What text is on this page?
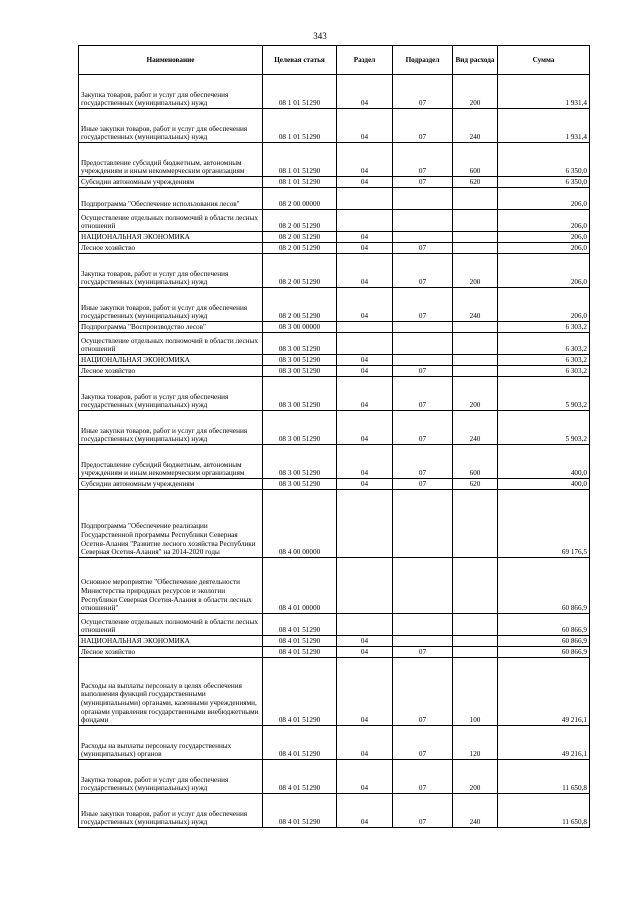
343
Наименование	Целевая статья	Раздел	Подраздел	Вид расхода	Сумма

Закупка товаров, работ и услуг для обеспечения государственных (муниципальных) нужд	08 1 01 51290	04	07	200	1 931,4

Иные закупки товаров, работ и услуг для обеспечения государственных (муниципальных) нужд	08 1 01 51290	04	07	240	1 931,4

Предоставление субсидий бюджетным, автономным учреждениям и иным некоммерческим организациям	08 1 01 51290	04	07	600	6 350,0

Субсидии автономным учреждениям	08 1 01 51290	04	07	620	6 350,0

Подпрограмма "Обеспечение использования лесов"	08 2 00 00000				206,0

Осуществление отдельных полномочий в области лесных отношений	08 2 00 51290				206,0

НАЦИОНАЛЬНАЯ ЭКОНОМИКА	08 2 00 51290	04			206,0

Лесное хозяйство	08 2 00 51290	04	07		206,0

Закупка товаров, работ и услуг для обеспечения государственных (муниципальных) нужд	08 2 00 51290	04	07	200	206,0

Иные закупки товаров, работ и услуг для обеспечения государственных (муниципальных) нужд	08 2 00 51290	04	07	240	206,0

Подпрограмма "Воспроизводство лесов"	08 3 00 00000				6 303,2

Осуществление отдельных полномочий в области лесных отношений	08 3 00 51290				6 303,2

НАЦИОНАЛЬНАЯ ЭКОНОМИКА	08 3 00 51290	04			6 303,2

Лесное хозяйство	08 3 00 51290	04	07		6 303,2

Закупка товаров, работ и услуг для обеспечения государственных (муниципальных) нужд	08 3 00 51290	04	07	200	5 903,2

Иные закупки товаров, работ и услуг для обеспечения государственных (муниципальных) нужд	08 3 00 51290	04	07	240	5 903,2

Предоставление субсидий бюджетным, автономным учреждениям и иным некоммерческим организациям	08 3 00 51290	04	07	600	400,0

Субсидии автономным учреждениям	08 3 00 51290	04	07	620	400,0

Подпрограмма "Обеспечение реализации Государственной программы Республики Северная Осетия-Алания "Развитие лесного хозяйства Республики Северная Осетия-Алания" на 2014-2020 годы	08 4 00 00000				69 176,5

Основное мероприятие "Обеспечение деятельности Министерства природных ресурсов и экологии Республики Северная Осетия-Алания в области лесных отношений"	08 4 01 00000				60 866,9

Осуществление отдельных полномочий в области лесных отношений	08 4 01 51290				60 866,9

НАЦИОНАЛЬНАЯ ЭКОНОМИКА	08 4 01 51290	04			60 866,9

Лесное хозяйство	08 4 01 51290	04	07		60 866,9

Расходы на выплаты персоналу в целях обеспечения выполнения функций государственными (муниципальными) органами, казенными учреждениями, органами управления государственными внебюджетными фондами	08 4 01 51290	04	07	100	49 216,1

Расходы на выплаты персоналу государственных (муниципальных) органов	08 4 01 51290	04	07	120	49 216,1

Закупка товаров, работ и услуг для обеспечения государственных (муниципальных) нужд	08 4 01 51290	04	07	200	11 650,8

Иные закупки товаров, работ и услуг для обеспечения государственных (муниципальных) нужд	08 4 01 51290	04	07	240	11 650,8
